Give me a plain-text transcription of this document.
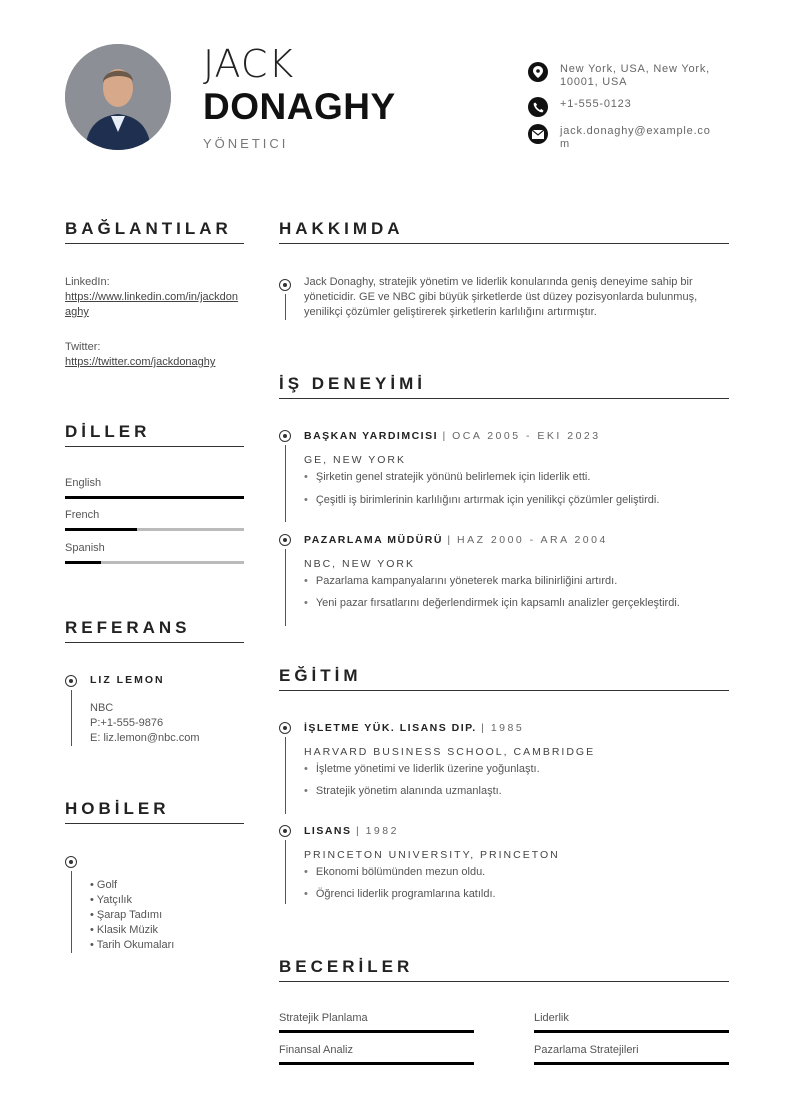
JACK
DONAGHY
YÖNETICI
New York, USA, New York, 10001, USA
+1-555-0123
jack.donaghy@example.com
BAĞLANTILAR
LinkedIn:
https://www.linkedin.com/in/jackdonaghy
Twitter:
https://twitter.com/jackdonaghy
DİLLER
English
French
Spanish
REFERANS
LIZ LEMON
NBC
P:+1-555-9876
E: liz.lemon@nbc.com
HOBİLER
• Golf
• Yatçılık
• Şarap Tadımı
• Klasik Müzik
• Tarih Okumaları
HAKKIMDA
Jack Donaghy, stratejik yönetim ve liderlik konularında geniş deneyime sahip bir yöneticidir. GE ve NBC gibi büyük şirketlerde üst düzey pozisyonlarda bulunmuş, yenilikçi çözümler geliştirerek şirketlerin karlılığını artırmıştır.
İŞ DENEYİMİ
BAŞKAN YARDIMCISI | OCA 2005 - EKI 2023
GE, NEW YORK
• Şirketin genel stratejik yönünü belirlemek için liderlik etti.
• Çeşitli iş birimlerinin karlılığını artırmak için yenilikçi çözümler geliştirdi.
PAZARLAMA MÜDÜRÜ | HAZ 2000 - ARA 2004
NBC, NEW YORK
• Pazarlama kampanyalarını yöneterek marka bilinirliğini artırdı.
• Yeni pazar fırsatlarını değerlendirmek için kapsamlı analizler gerçekleştirdi.
EĞİTİM
İŞLETME YÜK. LISANS DIP. | 1985
HARVARD BUSINESS SCHOOL, CAMBRIDGE
• İşletme yönetimi ve liderlik üzerine yoğunlaştı.
• Stratejik yönetim alanında uzmanlaştı.
LISANS | 1982
PRINCETON UNIVERSITY, PRINCETON
• Ekonomi bölümünden mezun oldu.
• Öğrenci liderlik programlarına katıldı.
BECERİLER
Stratejik Planlama	Liderlik
Finansal Analiz	Pazarlama Stratejileri
